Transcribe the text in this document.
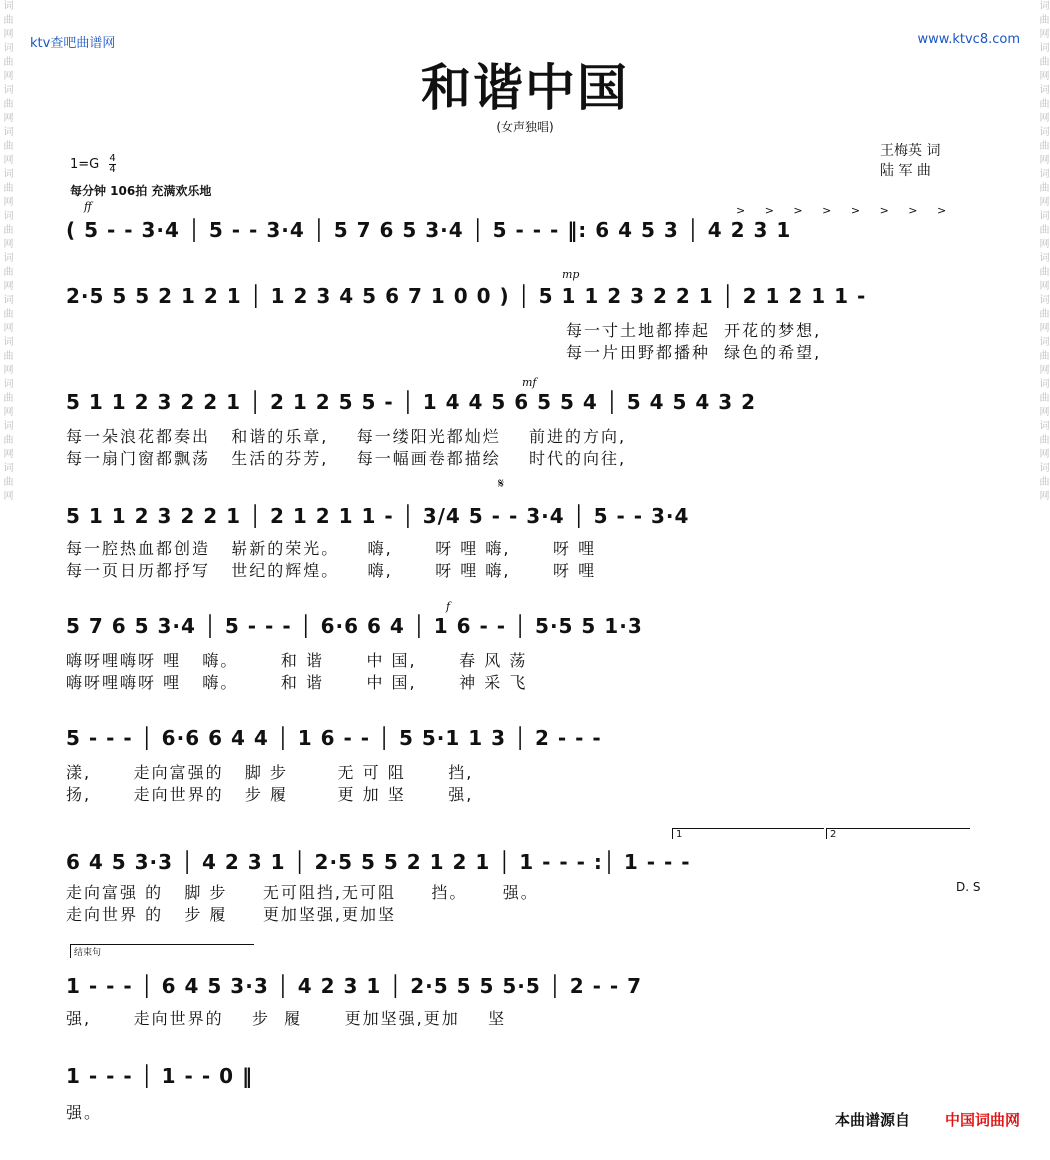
词曲网词曲网词曲网词曲网词曲网词曲网词曲网词曲网词曲网词曲网词曲网词曲网	词曲网词曲网词曲网词曲网词曲网词曲网词曲网词曲网词曲网词曲网词曲网词曲网
ktv查吧曲谱网	www.ktvc8.com
和谐中国
(女声独唱)
王梅英 词
陆 军 曲
$1=G \frac{4}{4}$
每分钟 106拍 充满欢乐地
ff	> > > > > > > >
( 5 - - 3·4 │ 5 - - 3·4 │ 5 7 6 5 3·4 │ 5 - - - ‖: 6 4 5 3 │ 4 2 3 1
mp
2·5 5 5 2 1 2 1 │ 1 2 3 4 5 6 7 1 0 0 ) │ 5 1 1 2 3 2 2 1 │ 2 1 2 1 1 -
每一寸土地都捧起  开花的梦想,
每一片田野都播种  绿色的希望,
mf
5 1 1 2 3 2 2 1 │ 2 1 2 5 5 - │ 1 4 4 5 6 5 5 4 │ 5 4 5 4 3 2
每一朵浪花都奏出   和谐的乐章,    每一缕阳光都灿烂    前进的方向,
每一扇门窗都飘荡   生活的芬芳,    每一幅画卷都描绘    时代的向往,
𝄋
5 1 1 2 3 2 2 1 │ 2 1 2 1 1 - │ 3/4 5 - - 3·4 │ 5 - - 3·4
每一腔热血都创造   崭新的荣光。    嗨,      呀 哩 嗨,      呀 哩
每一页日历都抒写   世纪的辉煌。    嗨,      呀 哩 嗨,      呀 哩
f
5 7 6 5 3·4 │ 5 - - - │ 6·6 6 4 │ 1 6 - - │ 5·5 5 1·3
嗨呀哩嗨呀 哩   嗨。      和 谐      中 国,      春 风 荡
嗨呀哩嗨呀 哩   嗨。      和 谐      中 国,      神 采 飞
5 - - - │ 6·6 6 4 4 │ 1 6 - - │ 5 5·1 1 3 │ 2 - - -
漾,      走向富强的   脚 步       无 可 阻      挡,
扬,      走向世界的   步 履       更 加 坚      强,
1	2
6 4 5 3·3 │ 4 2 3 1 │ 2·5 5 5 2 1 2 1 │ 1 - - - :│ 1 - - -
走向富强 的   脚 步     无可阻挡,无可阻     挡。     强。
走向世界 的   步 履     更加坚强,更加坚
D. S
结束句
1 - - - │ 6 4 5 3·3 │ 4 2 3 1 │ 2·5 5 5 5·5 │ 2 - - 7
强,      走向世界的    步  履      更加坚强,更加    坚
1 - - - │ 1 - - 0 ‖
强。	本曲谱源自 中国词曲网
